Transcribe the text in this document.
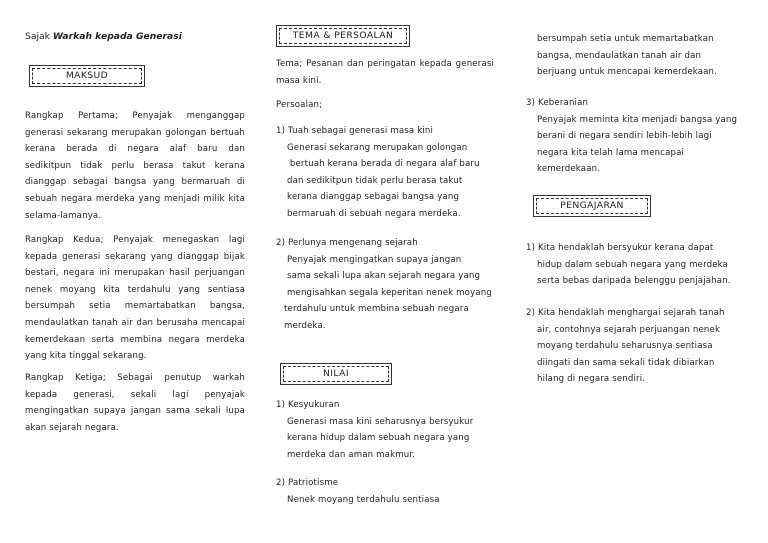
Sajak Warkah kepada Generasi
MAKSUD

Rangkap Pertama; Penyajak menganggap generasi sekarang merupakan golongan bertuah kerana berada di negara alaf baru dan sedikitpun tidak perlu berasa takut kerana dianggap sebagai bangsa yang bermaruah di sebuah negara merdeka yang menjadi milik kita selama-lamanya.

Rangkap Kedua; Penyajak menegaskan lagi kepada generasi sekarang yang dianggap bijak bestari, negara ini merupakan hasil perjuangan nenek moyang kita terdahulu yang sentiasa bersumpah setia memartabatkan bangsa, mendaulatkan tanah air dan berusaha mencapai kemerdekaan serta membina negara merdeka yang kita tinggal sekarang.

Rangkap Ketiga; Sebagai penutup warkah kepada generasi, sekali lagi penyajak mengingatkan supaya jangan sama sekali lupa akan sejarah negara.

TEMA & PERSOALAN

Tema; Pesanan dan peringatan kepada generasi masa kini.

Persoalan;

1) Tuah sebagai generasi masa kini

Generasi sekarang merupakan golongan

bertuah kerana berada di negara alaf baru

dan sedikitpun tidak perlu berasa takut

kerana dianggap sebagai bangsa yang

bermaruah di sebuah negara merdeka.

2) Perlunya mengenang sejarah

Penyajak mengingatkan supaya jangan

sama sekali lupa akan sejarah negara yang

mengisahkan segala keperitan nenek moyang

terdahulu untuk membina sebuah negara

merdeka.

NILAI

1) Kesyukuran

Generasi masa kini seharusnya bersyukur

kerana hidup dalam sebuah negara yang

merdeka dan aman makmur.

2) Patriotisme

Nenek moyang terdahulu sentiasa

bersumpah setia untuk memartabatkan

bangsa, mendaulatkan tanah air dan

berjuang untuk mencapai kemerdekaan.

3) Keberanian

Penyajak meminta kita menjadi bangsa yang

berani di negara sendiri lebih-lebih lagi

negara kita telah lama mencapai

kemerdekaan.

PENGAJARAN

1) Kita hendaklah bersyukur kerana dapat

hidup dalam sebuah negara yang merdeka

serta bebas daripada belenggu penjajahan.

2) Kita hendaklah menghargai sejarah tanah

air, contohnya sejarah perjuangan nenek

moyang terdahulu seharusnya sentiasa

diingati dan sama sekali tidak dibiarkan

hilang di negara sendiri.
